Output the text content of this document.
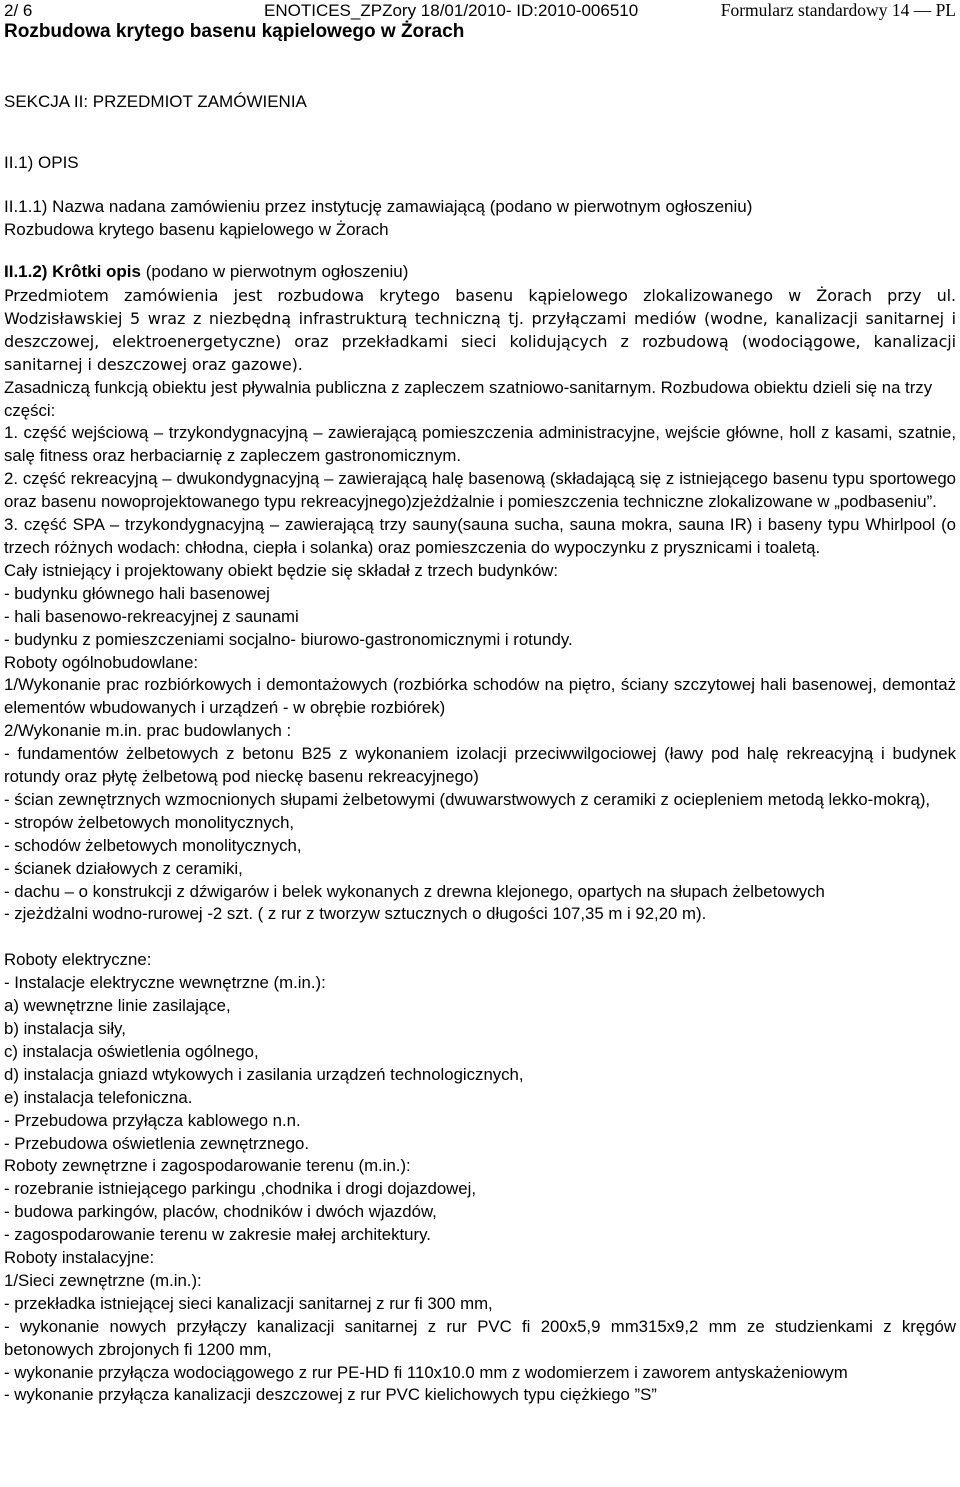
2/ 6	ENOTICES_ZPZory 18/01/2010- ID:2010-006510	Formularz standardowy 14 — PL
Rozbudowa krytego basenu kąpielowego w Żorach
SEKCJA II: PRZEDMIOT ZAMÓWIENIA
II.1) OPIS
II.1.1) Nazwa nadana zamówieniu przez instytucję zamawiającą (podano w pierwotnym ogłoszeniu)
Rozbudowa krytego basenu kąpielowego w Żorach
II.1.2) Krôtki opis (podano w pierwotnym ogłoszeniu)

Przedmiotem zamówienia jest rozbudowa krytego basenu kąpielowego zlokalizowanego w Żorach przy ul. Wodzisławskiej 5 wraz z niezbędną infrastrukturą techniczną tj. przyłączami mediów (wodne, kanalizacji sanitarnej i deszczowej, elektroenergetyczne) oraz przekładkami sieci kolidujących z rozbudową (wodociągowe, kanalizacji sanitarnej i deszczowej oraz gazowe).

Zasadniczą funkcją obiektu jest pływalnia publiczna z zapleczem szatniowo-sanitarnym. Rozbudowa obiektu dzieli się na trzy części:

1. część wejściową – trzykondygnacyjną – zawierającą pomieszczenia administracyjne, wejście główne, holl z kasami, szatnie, salę fitness oraz herbaciarnię z zapleczem gastronomicznym.

2. część rekreacyjną – dwukondygnacyjną – zawierającą halę basenową (składającą się z istniejącego basenu typu sportowego oraz basenu nowoprojektowanego typu rekreacyjnego)zjeżdżalnie i pomieszczenia techniczne zlokalizowane w „podbaseniu”.

3. część SPA – trzykondygnacyjną – zawierającą trzy sauny(sauna sucha, sauna mokra, sauna IR) i baseny typu Whirlpool (o trzech różnych wodach: chłodna, ciepła i solanka) oraz pomieszczenia do wypoczynku z prysznicami i toaletą.

Cały istniejący i projektowany obiekt będzie się składał z trzech budynków:

- budynku głównego hali basenowej

- hali basenowo-rekreacyjnej z saunami

- budynku z pomieszczeniami socjalno- biurowo-gastronomicznymi i rotundy.

Roboty ogólnobudowlane:

1/Wykonanie prac rozbiórkowych i demontażowych (rozbiórka schodów na piętro, ściany szczytowej hali basenowej, demontaż elementów wbudowanych i urządzeń - w obrębie rozbiórek)

2/Wykonanie m.in. prac budowlanych :

- fundamentów żelbetowych z betonu B25 z wykonaniem izolacji przeciwwilgociowej (ławy pod halę rekreacyjną i budynek rotundy oraz płytę żelbetową pod nieckę basenu rekreacyjnego)

- ścian zewnętrznych wzmocnionych słupami żelbetowymi (dwuwarstwowych z ceramiki z ociepleniem metodą lekko-mokrą),

- stropów żelbetowych monolitycznych,

- schodów żelbetowych monolitycznych,

- ścianek działowych z ceramiki,

- dachu – o konstrukcji z dźwigarów i belek wykonanych z drewna klejonego, opartych na słupach żelbetowych

- zjeżdżalni wodno-rurowej -2 szt. ( z rur z tworzyw sztucznych o długości 107,35 m i 92,20 m).

Roboty elektryczne:

- Instalacje elektryczne wewnętrzne (m.in.):

a) wewnętrzne linie zasilające,

b) instalacja siły,

c) instalacja oświetlenia ogólnego,

d) instalacja gniazd wtykowych i zasilania urządzeń technologicznych,

e) instalacja telefoniczna.

- Przebudowa przyłącza kablowego n.n.

- Przebudowa oświetlenia zewnętrznego.

Roboty zewnętrzne i zagospodarowanie terenu (m.in.):

- rozebranie istniejącego parkingu ,chodnika i drogi dojazdowej,

- budowa parkingów, placów, chodników i dwóch wjazdów,

- zagospodarowanie terenu w zakresie małej architektury.

Roboty instalacyjne:

1/Sieci zewnętrzne (m.in.):

- przekładka istniejącej sieci kanalizacji sanitarnej z rur fi 300 mm,

- wykonanie nowych przyłączy kanalizacji sanitarnej z rur PVC fi 200x5,9 mm315x9,2 mm ze studzienkami z kręgów betonowych zbrojonych fi 1200 mm,

- wykonanie przyłącza wodociągowego z rur PE-HD fi 110x10.0 mm z wodomierzem i zaworem antyskażeniowym

- wykonanie przyłącza kanalizacji deszczowej z rur PVC kielichowych typu ciężkiego ”S”
